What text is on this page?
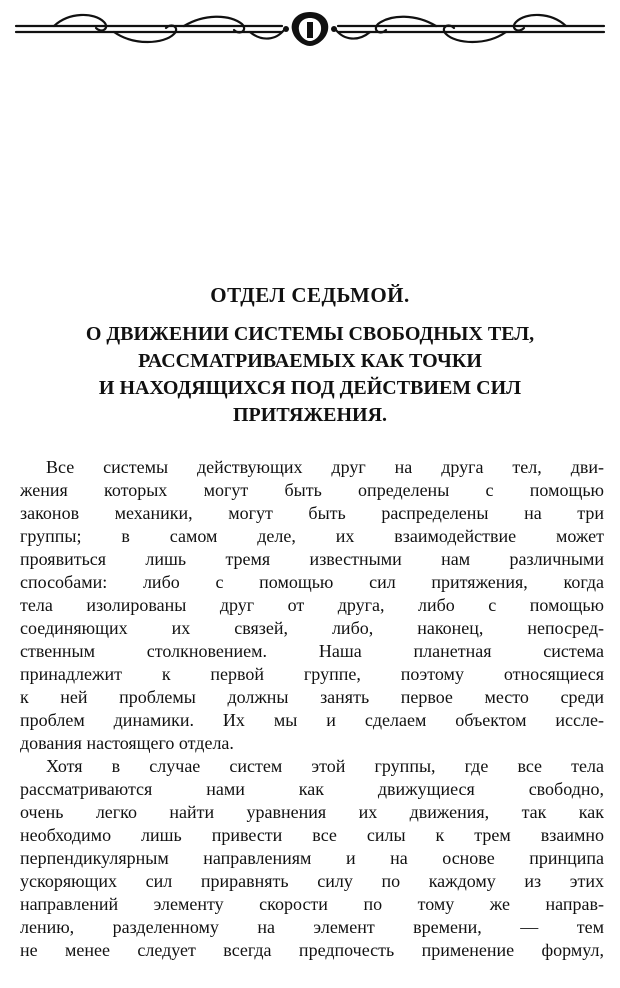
ОТДЕЛ СЕДЬМОЙ.
О ДВИЖЕНИИ СИСТЕМЫ СВОБОДНЫХ ТЕЛ,
РАССМАТРИВАЕМЫХ КАК ТОЧКИ
И НАХОДЯЩИХСЯ ПОД ДЕЙСТВИЕМ СИЛ
ПРИТЯЖЕНИЯ.

Все системы действующих друг на друга тел, дви-
жения которых могут быть определены с помощью
законов механики, могут быть распределены на три
группы; в самом деле, их взаимодействие может
проявиться лишь тремя известными нам различными
способами: либо с помощью сил притяжения, когда
тела изолированы друг от друга, либо с помощью
соединяющих их связей, либо, наконец, непосред-
ственным столкновением. Наша планетная система
принадлежит к первой группе, поэтому относящиеся
к ней проблемы должны занять первое место среди
проблем динамики. Их мы и сделаем объектом иссле-
дования настоящего отдела.

Хотя в случае систем этой группы, где все тела
рассматриваются нами как движущиеся свободно,
очень легко найти уравнения их движения, так как
необходимо лишь привести все силы к трем взаимно
перпендикулярным направлениям и на основе принципа
ускоряющих сил приравнять силу по каждому из этих
направлений элементу скорости по тому же направ-
лению, разделенному на элемент времени, — тем
не менее следует всегда предпочесть применение формул,
